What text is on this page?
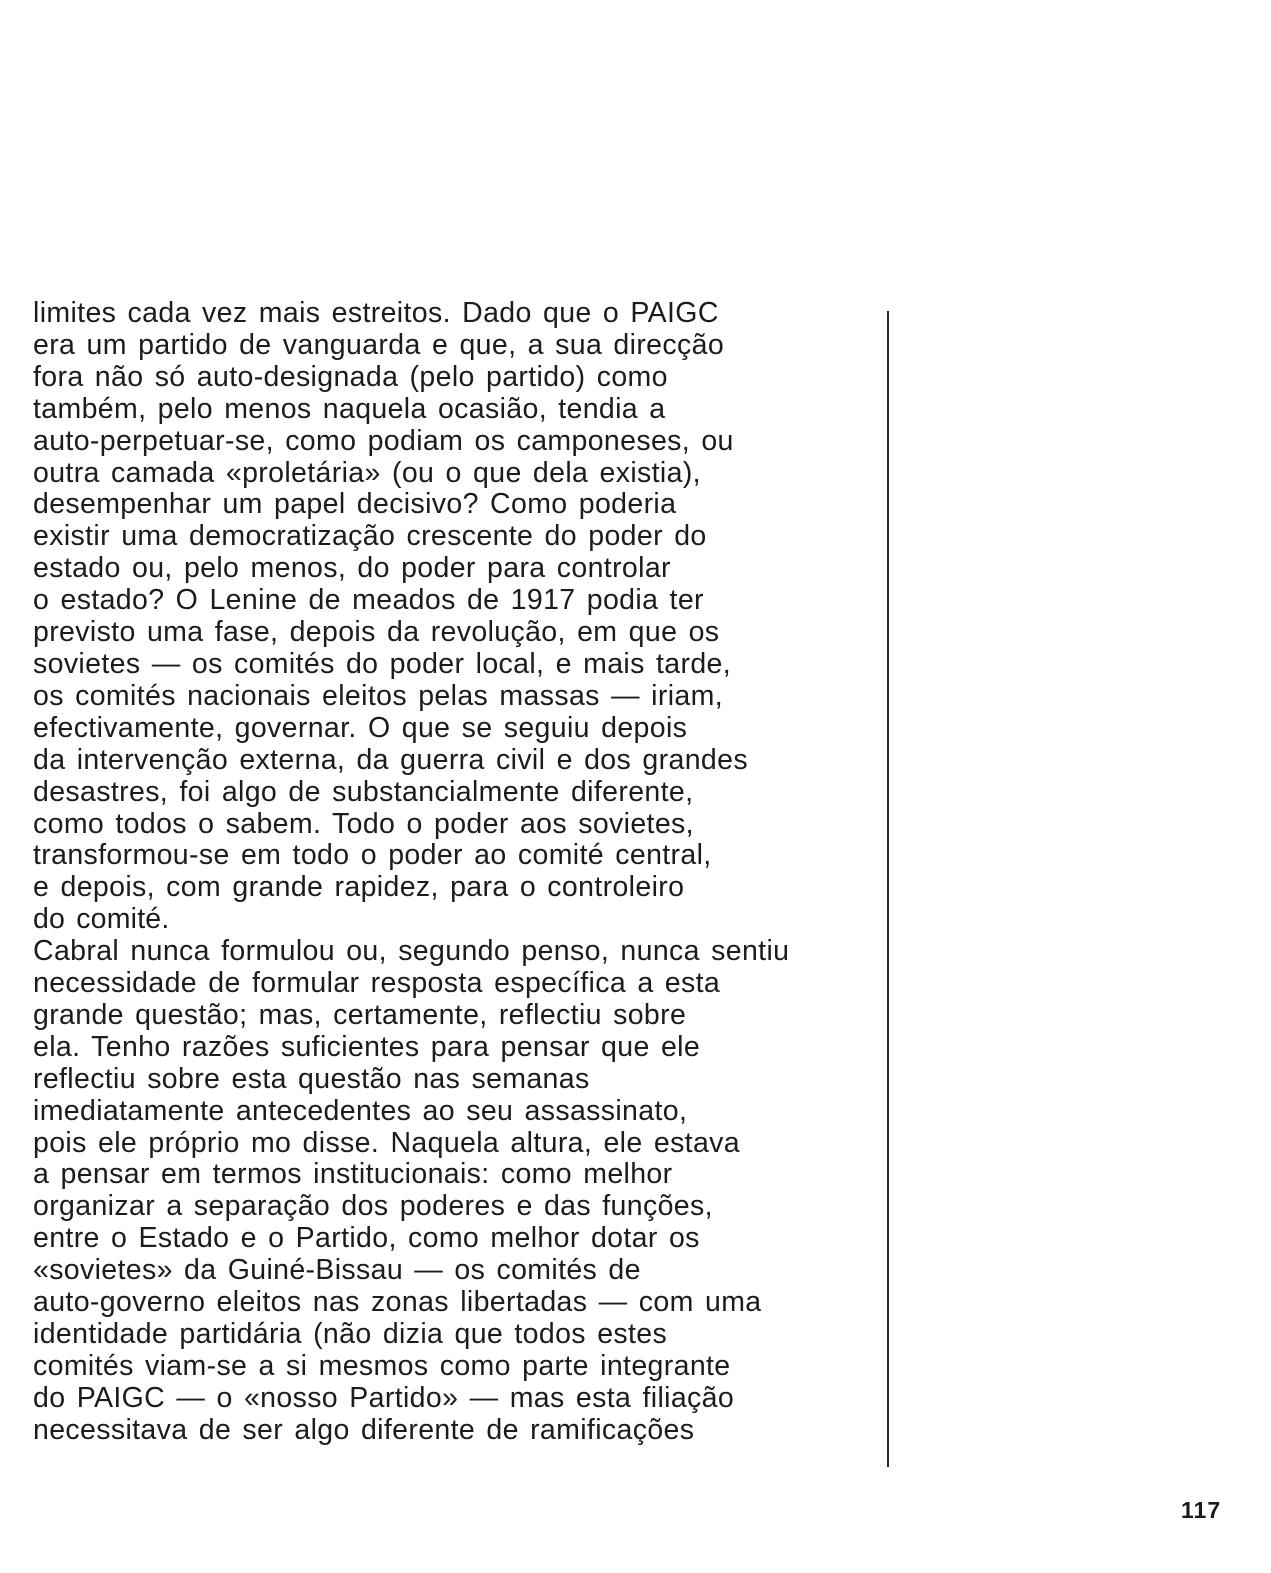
limites cada vez mais estreitos. Dado que o PAIGC
era um partido de vanguarda e que, a sua direcção
fora não só auto-designada (pelo partido) como
também, pelo menos naquela ocasião, tendia a
auto-perpetuar-se, como podiam os camponeses, ou
outra camada «proletária» (ou o que dela existia),
desempenhar um papel decisivo? Como poderia
existir uma democratização crescente do poder do
estado ou, pelo menos, do poder para controlar
o estado? O Lenine de meados de 1917 podia ter
previsto uma fase, depois da revolução, em que os
sovietes — os comités do poder local, e mais tarde,
os comités nacionais eleitos pelas massas — iriam,
efectivamente, governar. O que se seguiu depois
da intervenção externa, da guerra civil e dos grandes
desastres, foi algo de substancialmente diferente,
como todos o sabem. Todo o poder aos sovietes,
transformou-se em todo o poder ao comité central,
e depois, com grande rapidez, para o controleiro
do comité.
Cabral nunca formulou ou, segundo penso, nunca sentiu
necessidade de formular resposta específica a esta
grande questão; mas, certamente, reflectiu sobre
ela. Tenho razões suficientes para pensar que ele
reflectiu sobre esta questão nas semanas
imediatamente antecedentes ao seu assassinato,
pois ele próprio mo disse. Naquela altura, ele estava
a pensar em termos institucionais: como melhor
organizar a separação dos poderes e das funções,
entre o Estado e o Partido, como melhor dotar os
«sovietes» da Guiné-Bissau — os comités de
auto-governo eleitos nas zonas libertadas — com uma
identidade partidária (não dizia que todos estes
comités viam-se a si mesmos como parte integrante
do PAIGC — o «nosso Partido» — mas esta filiação
necessitava de ser algo diferente de ramificações
117
